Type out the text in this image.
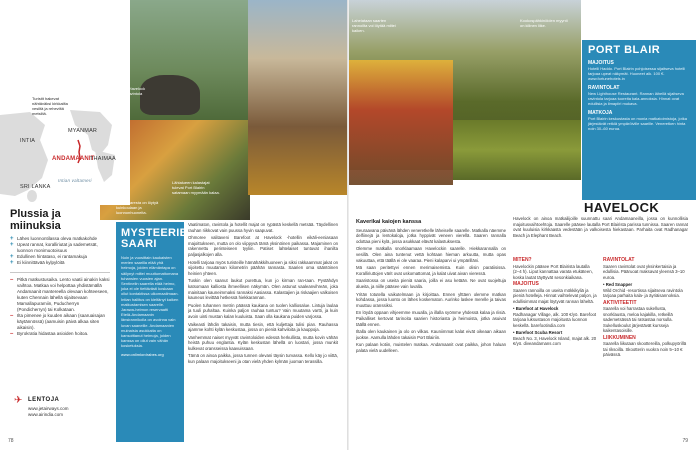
INTIA
MYANMAR
ANDAMAANIT
THAIMAA
Intian valtameri
SRI LANKA
Turistit hakevat nähtäväksi kirkkailta vesiltä ja reheviltä metsiltä.
Barefoot at Havelock lomakylän ravintola
Lähialueen kalastajat tulevat Port Blairin satamaan myymään kalaa.
Lahelataan saarten rannoilta voi löytää miltei kaiken.
Kookospähkinöiden myynti on kilinen liike.
Oma saaresta on löytyä kuinkoulaan ja luonnonhuoneita.
Plussia ja miinuksia
+ Lähes luonnontilassa oleva matkakohde
+ Upeat rannat, koralliriutat ja sademetsät, luonnon monimuotoisuus
+ Edullinen hintataso, ei rantamakuja
+ Ei kiinnittävää kylpylöitä
– Pitkä matkustusaika. Lento vaatii ainakin kaksi vaihtoa. Matkaa voi helpottaa yhdistämällä Andamaanit mantereella olevaan kohteeseen, kuten Chennain lähellä sijaitsevaan Mamallapuramiin, Puducherryn (Pondicherryn) tai Kolkataan.
– Ilta pimenee jo kuuden aikaan (saaruaisajan käytännössä) (aamuisin päivä alkaa siten aikaisin).
– Byrokratia hidastaa asioiden hoitoa.
✈ LENTOJA
www.jetairways.com
www.airindia.com
78	79
MYSTEERIEN SAARI
Noin ja vuosittain kaukaisten merien saarilla elää yhä heimoja, joiden elämäntapa on säilynyt miltei muuttumattomana tuhansien vuosien ajan. Sentinelin saarella elää heimo, joka ei ole tiettävästi koskaan ollut kontaktissa ulkomaailmaan. Intian hallitus on kieltänyt kaiken matkustamisen saarelle. Jarawa-heimon reservaatti Etelä-Andamaanin länsirannikolla on avoinna vain luvan saaneille. Andamaanien muinaisia asukkaita on kansoittanut heimoja, joiden kanssa on ollut vain vähän kosketuksia.
www.onlimlordrabes.org

Vaatimaton, ravintola ja hotellit majat on rypästä keskellä metsää. Täydellinen rauhan riikkovat vain puussa hyvin saapuvat.

Ohmoree valitaveni Barefoot at Havelock -hotellin eikäli-eeniasaan majoittukseen, mutta on olo viippyvä tämä yksinöinen paikassa. Majaminen on rakennettu perinteiseen tyyliin. Patiset lahtelaiset tuntuvat ihanilta paljasjalkojen alla.

Hotelli tarjoaa myös turisteille hämähäkkihuoneen ja siksi rakkaammat jakat on sijoitettu muutaman kilometrin päähän rannasta. Saarien oma sääntöinen heinien yhteen.

Tuskin olen saanut laukut purettua, kun jo kirman ran-taan. Pystähdyn katsomaan kalliosta ihmeellisen näkymän. Olen astunut vaaleanvihreän, joka mainitaan kauneimmaksi rannaksi Aasiassa. Kalastajien ja riskaajien valkoisen kauneus levittää hetkessä hiekkarannan.

Puolen tuhannen metrin päässä kaukana on tuolen kalliosalue. Lintuja laulaa ja tuuli puhaltaa. Kuinka paljon rauhaa tuntuu? Vain muutama vartti, ja kuin avoin uinti mustan kalan kuuluista. Saan olla kaukana puiden varjossa.

Vaikeasti lähdin takaisin, mutta tiesin, että kuljettaja tulisi pian. Rauhassa ajamme kohti kylän keskustaa, jossa on pieniä kahviloita ja kauppoja.

Vanhemmat naiset myyvät ravintoloiden edessä herkullista, mutta kovin vähän heistä puhuu englantia. Kylän keskustan lähellä on luostari, jossa munkit kulkevat oransseissa kaavuissaan.

Tämä on ainoa paikka, jossa tunnen olevani täysin turvassa. Kello käy jo viittä, kun palaan majoitukseeni ja otan vielä yhden kylmän juoman terassilla.

Kaverikai kaiojen kanssa

Seuraavana päivänä lähden veneretkelle läheiselle saarelle. Matkalla näemme delfiinejä ja lentokaloja, jotka hyppivät veneen vierellä. Saaren rannalla odottaa pieni kylä, jossa asukkaat elävät kalastuksesta.

Olemme matkalla snorklaamaan Havelockin saarelle. Hiekkarannalla on vesillä. Olen aina tuntenut vettä kohtaan hieman arkuutta, mutta opas vakuuttaa, että täällä ei ole vaaraa. Pieni kalaparvi ui ympärilläni.

Mä saan peritettyvi ennen merimaisemista. Kuin olisin paratiisissa. Koralliriuttojen värit ovat uskomattomat, ja kalat uivat aivan vieressä.

Saaristossa on useita pieniä saaria, joilla ei asu ketään. Ne ovat suojeltuja alueita, ja niille pääsee vain luvalla.

Yritän totutella vaikutelmaan ja kirjoittaa. Ennen ylttäen olemme matkan kohdassa, jossa luonto on lähes koskematon. Aurinko laskee merelle ja taivas muuttuu oranssiksi.

En löydä oppaan vihjeemme muualla, ja illalla syömme yhdessä kalaa ja riisiä. Paikalliset kertovat tarinoita saarien historiasta ja heimoista, jotka asuivat täällä ennen.

Iltalla olen kaukainen ja olo on vilkas. Kauniimmat kalat eivät oikeaan aikaan juokse. Aamulla lähden takaisin Port Blairiin.

Kun palaan kotiin, muistelen matkaa. Andamaanit ovat paikka, johon haluan palata vielä uudelleen.

PORT BLAIR
MAJOITUS
Hotelli Haddo. Port Blairin pohjoisessa sijaitseva hotelli tarjoaa upeat näkymät. Huoneet alk. 100 €. www.fortunehotels.in
RAVINTOLAT
New Lighthouse Restaurant. Rannan lähellä sijaitseva ravintola tarjoaa tuoreita kala-annoksia. Hinnat ovat edullisia ja ilmapiiri mukava.
MATKOJA
Port Blairin keskustasta on monia matkatoimistoja, jotka järjestävät retkiä ympäröiville saarille. Veneretken hinta noin 30–60 euroa.
HAVELOCK
Havelock on ainoa matkailijoille suunnattu saari Andamaaneilla, jossa on kunnollisia majoitusvaihtoehtoja. Saarelle pääsee lautalla Port Blairista parissa tunnissa. Saaren rannat ovat kuuluisia kirkkaasta vedestään ja valkoisesta hiekastaan. Parhaita ovat Radhanagar Beach ja Elephant Beach.
MITEN?

Havelockin pääsee Port Blairista lautalla (2–4 h). Liput kannattaa varata etukäteen, koska lautat täyttyvät sesonkiaikana.

MAJOITUS

Saaren rannoilla on useita mökkikyliä ja pieniä hotelleja. Hinnat vaihtelevat paljon, ja edullisimmat majat löytyvät rannan läheltä.

• Barefoot at Havelock

Radhanagar Village, alk. 100 €/yö. Barefoot tarjoaa luksustason majoitusta luonnon keskellä. barefootindia.com

• Barefoot Scuba Resort

Beach No. 3, Havelock Island, majat alk. 20 €/yö. diveandamans.com

RAVINTOLAT

Saaren ravintolat ovat yksinkertaisia ja edullisia. Pääruoat maksavat yleensä 3–10 euroa.

• Red Snapper

Wild Orchid -resortissa sijaitseva ravintola tarjoaa parhaita kala- ja äyriäisannoksia.

AKTIVITEETIT

Saarella voi harrastaa sukellusta, snorklausta, meloa kajakilla, retkeillä sademetsässä tai ratsastaa norsulla. Sukelluskoulut järjestävät kursseja kaikentasoisille.

LIIKKUMINEN

Saarella liikutaan skoottereilla, polkupyörillä tai riksoilla. Skootterin vuokra noin 5–10 € päivässä.
